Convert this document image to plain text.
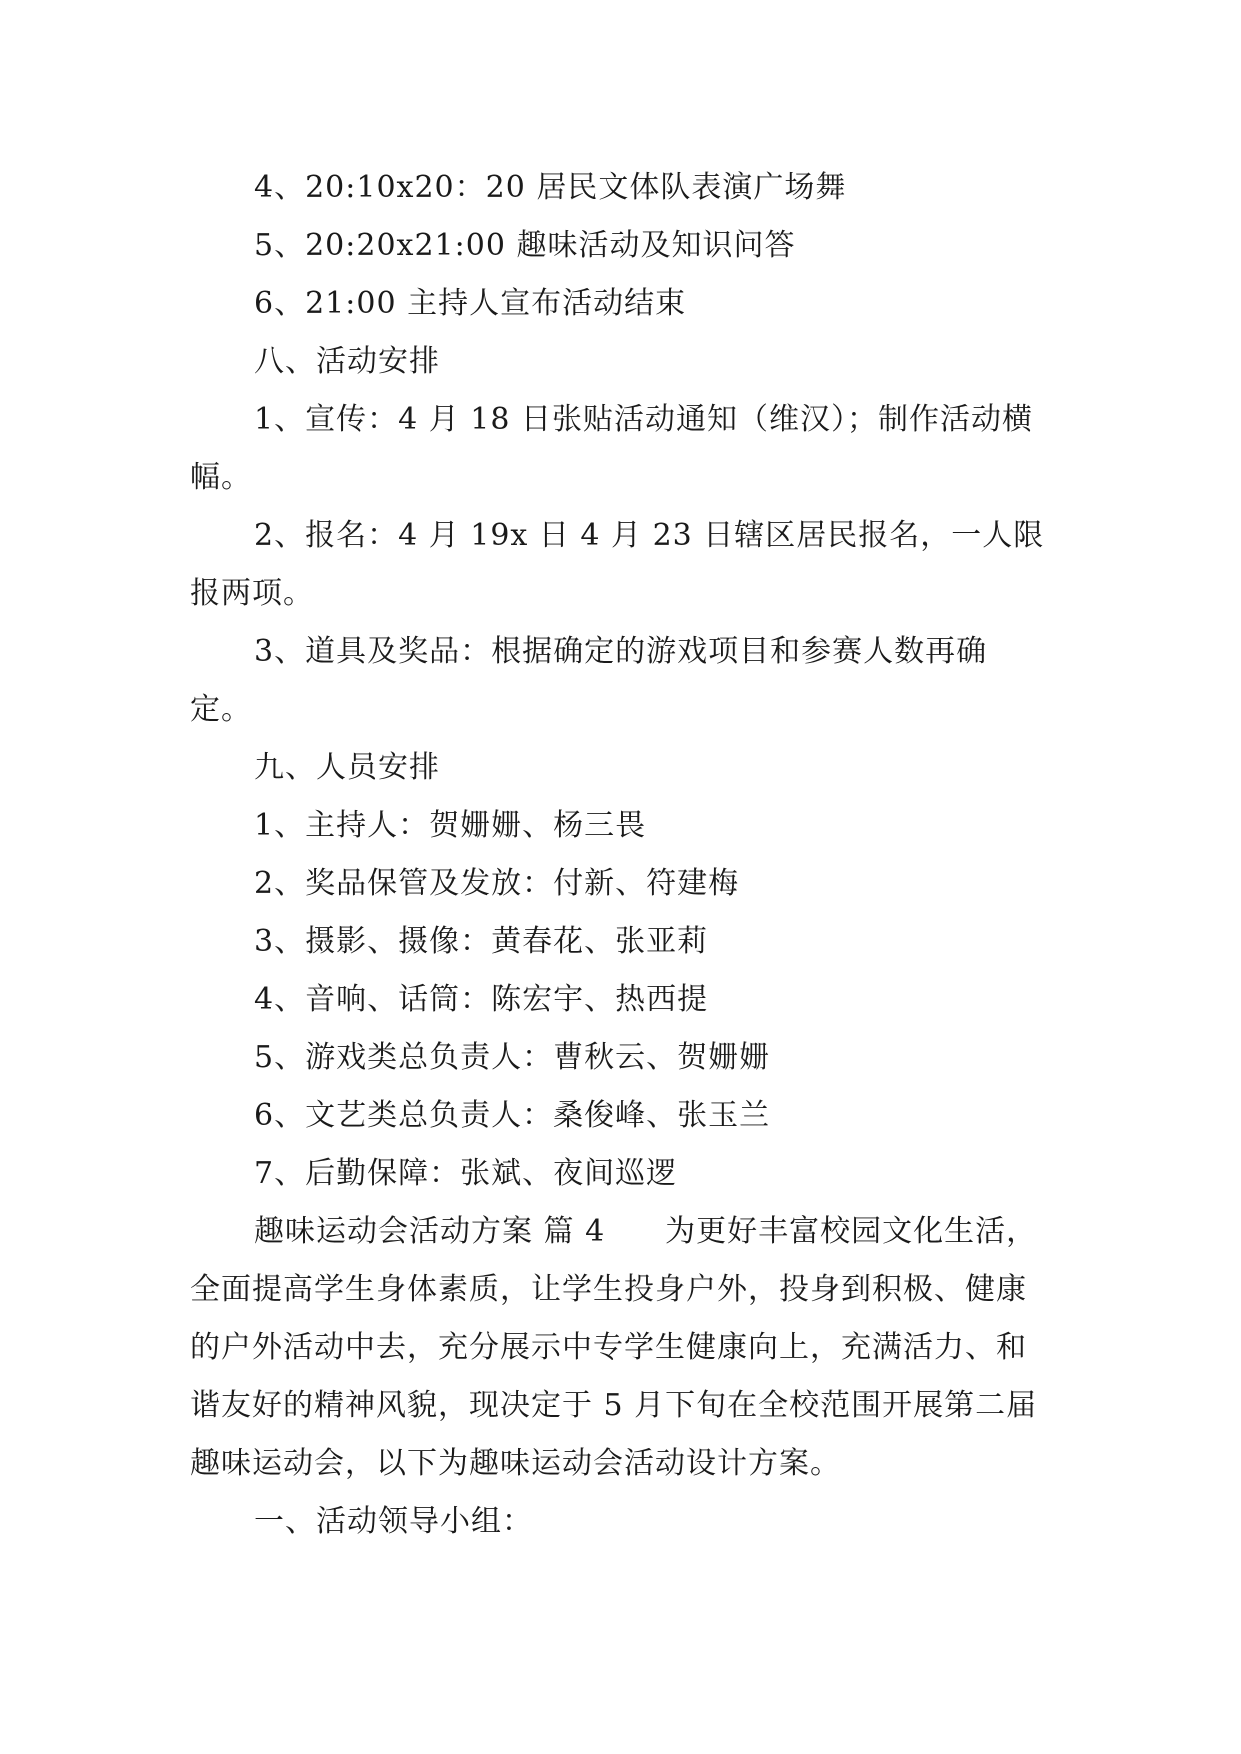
4、20:10x20：20 居民文体队表演广场舞

5、20:20x21:00 趣味活动及知识问答

6、21:00 主持人宣布活动结束

八、活动安排

1、宣传：4 月 18 日张贴活动通知（维汉）；制作活动横幅。

2、报名：4 月 19x 日 4 月 23 日辖区居民报名，一人限报两项。

3、道具及奖品：根据确定的游戏项目和参赛人数再确定。

九、人员安排

1、主持人：贺姗姗、杨三畏

2、奖品保管及发放：付新、符建梅

3、摄影、摄像：黄春花、张亚莉

4、音响、话筒：陈宏宇、热西提

5、游戏类总负责人：曹秋云、贺姗姗

6、文艺类总负责人：桑俊峰、张玉兰

7、后勤保障：张斌、夜间巡逻

趣味运动会活动方案 篇 4 为更好丰富校园文化生活，全面提高学生身体素质，让学生投身户外，投身到积极、健康的户外活动中去，充分展示中专学生健康向上，充满活力、和谐友好的精神风貌，现决定于 5 月下旬在全校范围开展第二届趣味运动会，以下为趣味运动会活动设计方案。

一、活动领导小组：
